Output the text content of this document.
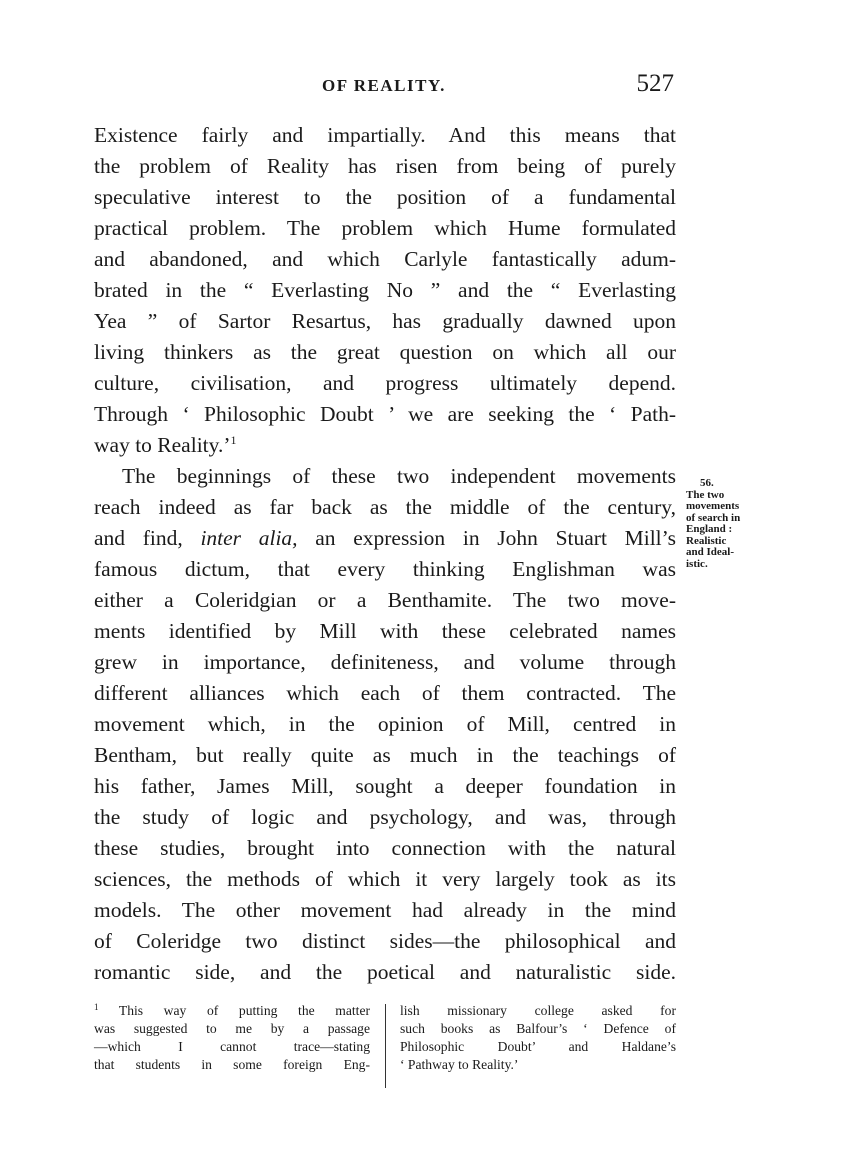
OF REALITY.	527
Existence fairly and impartially. And this means that
the problem of Reality has risen from being of purely
speculative interest to the position of a fundamental
practical problem. The problem which Hume formulated
and abandoned, and which Carlyle fantastically adum-
brated in the “ Everlasting No ” and the “ Everlasting
Yea ” of Sartor Resartus, has gradually dawned upon
living thinkers as the great question on which all our
culture, civilisation, and progress ultimately depend.
Through ‘ Philosophic Doubt ’ we are seeking the ‘ Path-
way to Reality.’$^1$
The beginnings of these two independent movements
reach indeed as far back as the middle of the century,
and find, inter alia, an expression in John Stuart Mill’s
famous dictum, that every thinking Englishman was
either a Coleridgian or a Benthamite. The two move-
ments identified by Mill with these celebrated names
grew in importance, definiteness, and volume through
different alliances which each of them contracted. The
movement which, in the opinion of Mill, centred in
Bentham, but really quite as much in the teachings of
his father, James Mill, sought a deeper foundation in
the study of logic and psychology, and was, through
these studies, brought into connection with the natural
sciences, the methods of which it very largely took as its
models. The other movement had already in the mind
of Coleridge two distinct sides—the philosophical and
romantic side, and the poetical and naturalistic side.
56.
The two
movements
of search in
England :
Realistic
and Ideal-
istic.
$^1$ This way of putting the matter
was suggested to me by a passage
—which I cannot trace—stating
that students in some foreign Eng-
lish missionary college asked for
such books as Balfour’s ‘ Defence of
Philosophic Doubt’ and Haldane’s
‘ Pathway to Reality.’
